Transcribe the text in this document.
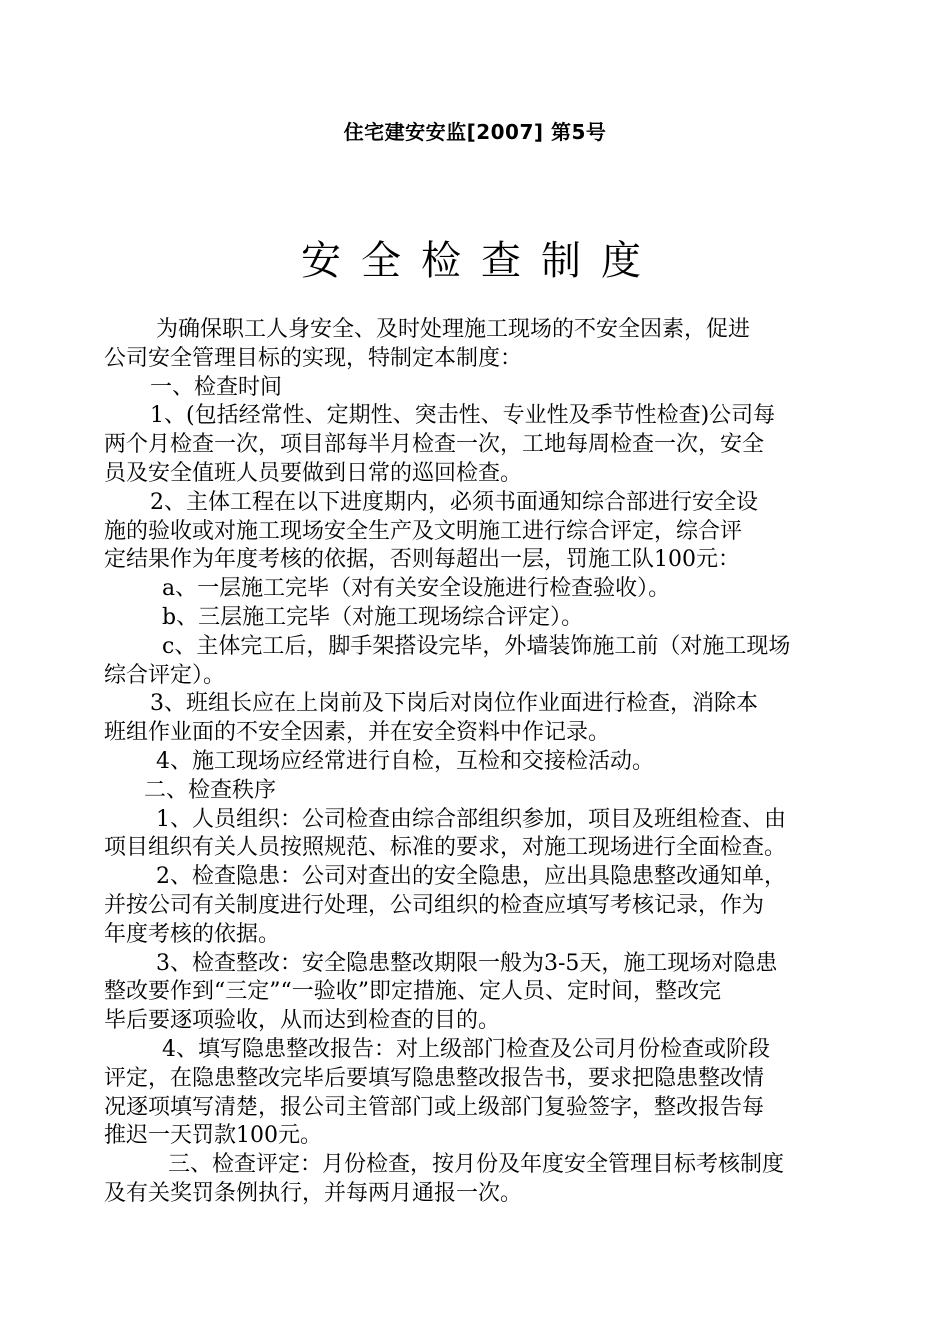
住宅建安安监[2007] 第5号
安全检查制度

为确保职工人身安全、及时处理施工现场的不安全因素，促进

公司安全管理目标的实现，特制定本制度：

一、检查时间

1、(包括经常性、定期性、突击性、专业性及季节性检查)公司每

两个月检查一次，项目部每半月检查一次，工地每周检查一次，安全

员及安全值班人员要做到日常的巡回检查。

2、主体工程在以下进度期内，必须书面通知综合部进行安全设

施的验收或对施工现场安全生产及文明施工进行综合评定，综合评

定结果作为年度考核的依据，否则每超出一层，罚施工队100元：

a、一层施工完毕（对有关安全设施进行检查验收）。

b、三层施工完毕（对施工现场综合评定）。

c、主体完工后，脚手架搭设完毕，外墙装饰施工前（对施工现场

综合评定）。

3、班组长应在上岗前及下岗后对岗位作业面进行检查，消除本

班组作业面的不安全因素，并在安全资料中作记录。

4、施工现场应经常进行自检，互检和交接检活动。

二、检查秩序

1、人员组织：公司检查由综合部组织参加，项目及班组检查、由

项目组织有关人员按照规范、标准的要求，对施工现场进行全面检查。

2、检查隐患：公司对查出的安全隐患，应出具隐患整改通知单，

并按公司有关制度进行处理，公司组织的检查应填写考核记录，作为

年度考核的依据。

3、检查整改：安全隐患整改期限一般为3-5天，施工现场对隐患

整改要作到“三定”“一验收”即定措施、定人员、定时间，整改完

毕后要逐项验收，从而达到检查的目的。

4、填写隐患整改报告：对上级部门检查及公司月份检查或阶段

评定，在隐患整改完毕后要填写隐患整改报告书，要求把隐患整改情

况逐项填写清楚，报公司主管部门或上级部门复验签字，整改报告每

推迟一天罚款100元。

三、检查评定：月份检查，按月份及年度安全管理目标考核制度

及有关奖罚条例执行，并每两月通报一次。
